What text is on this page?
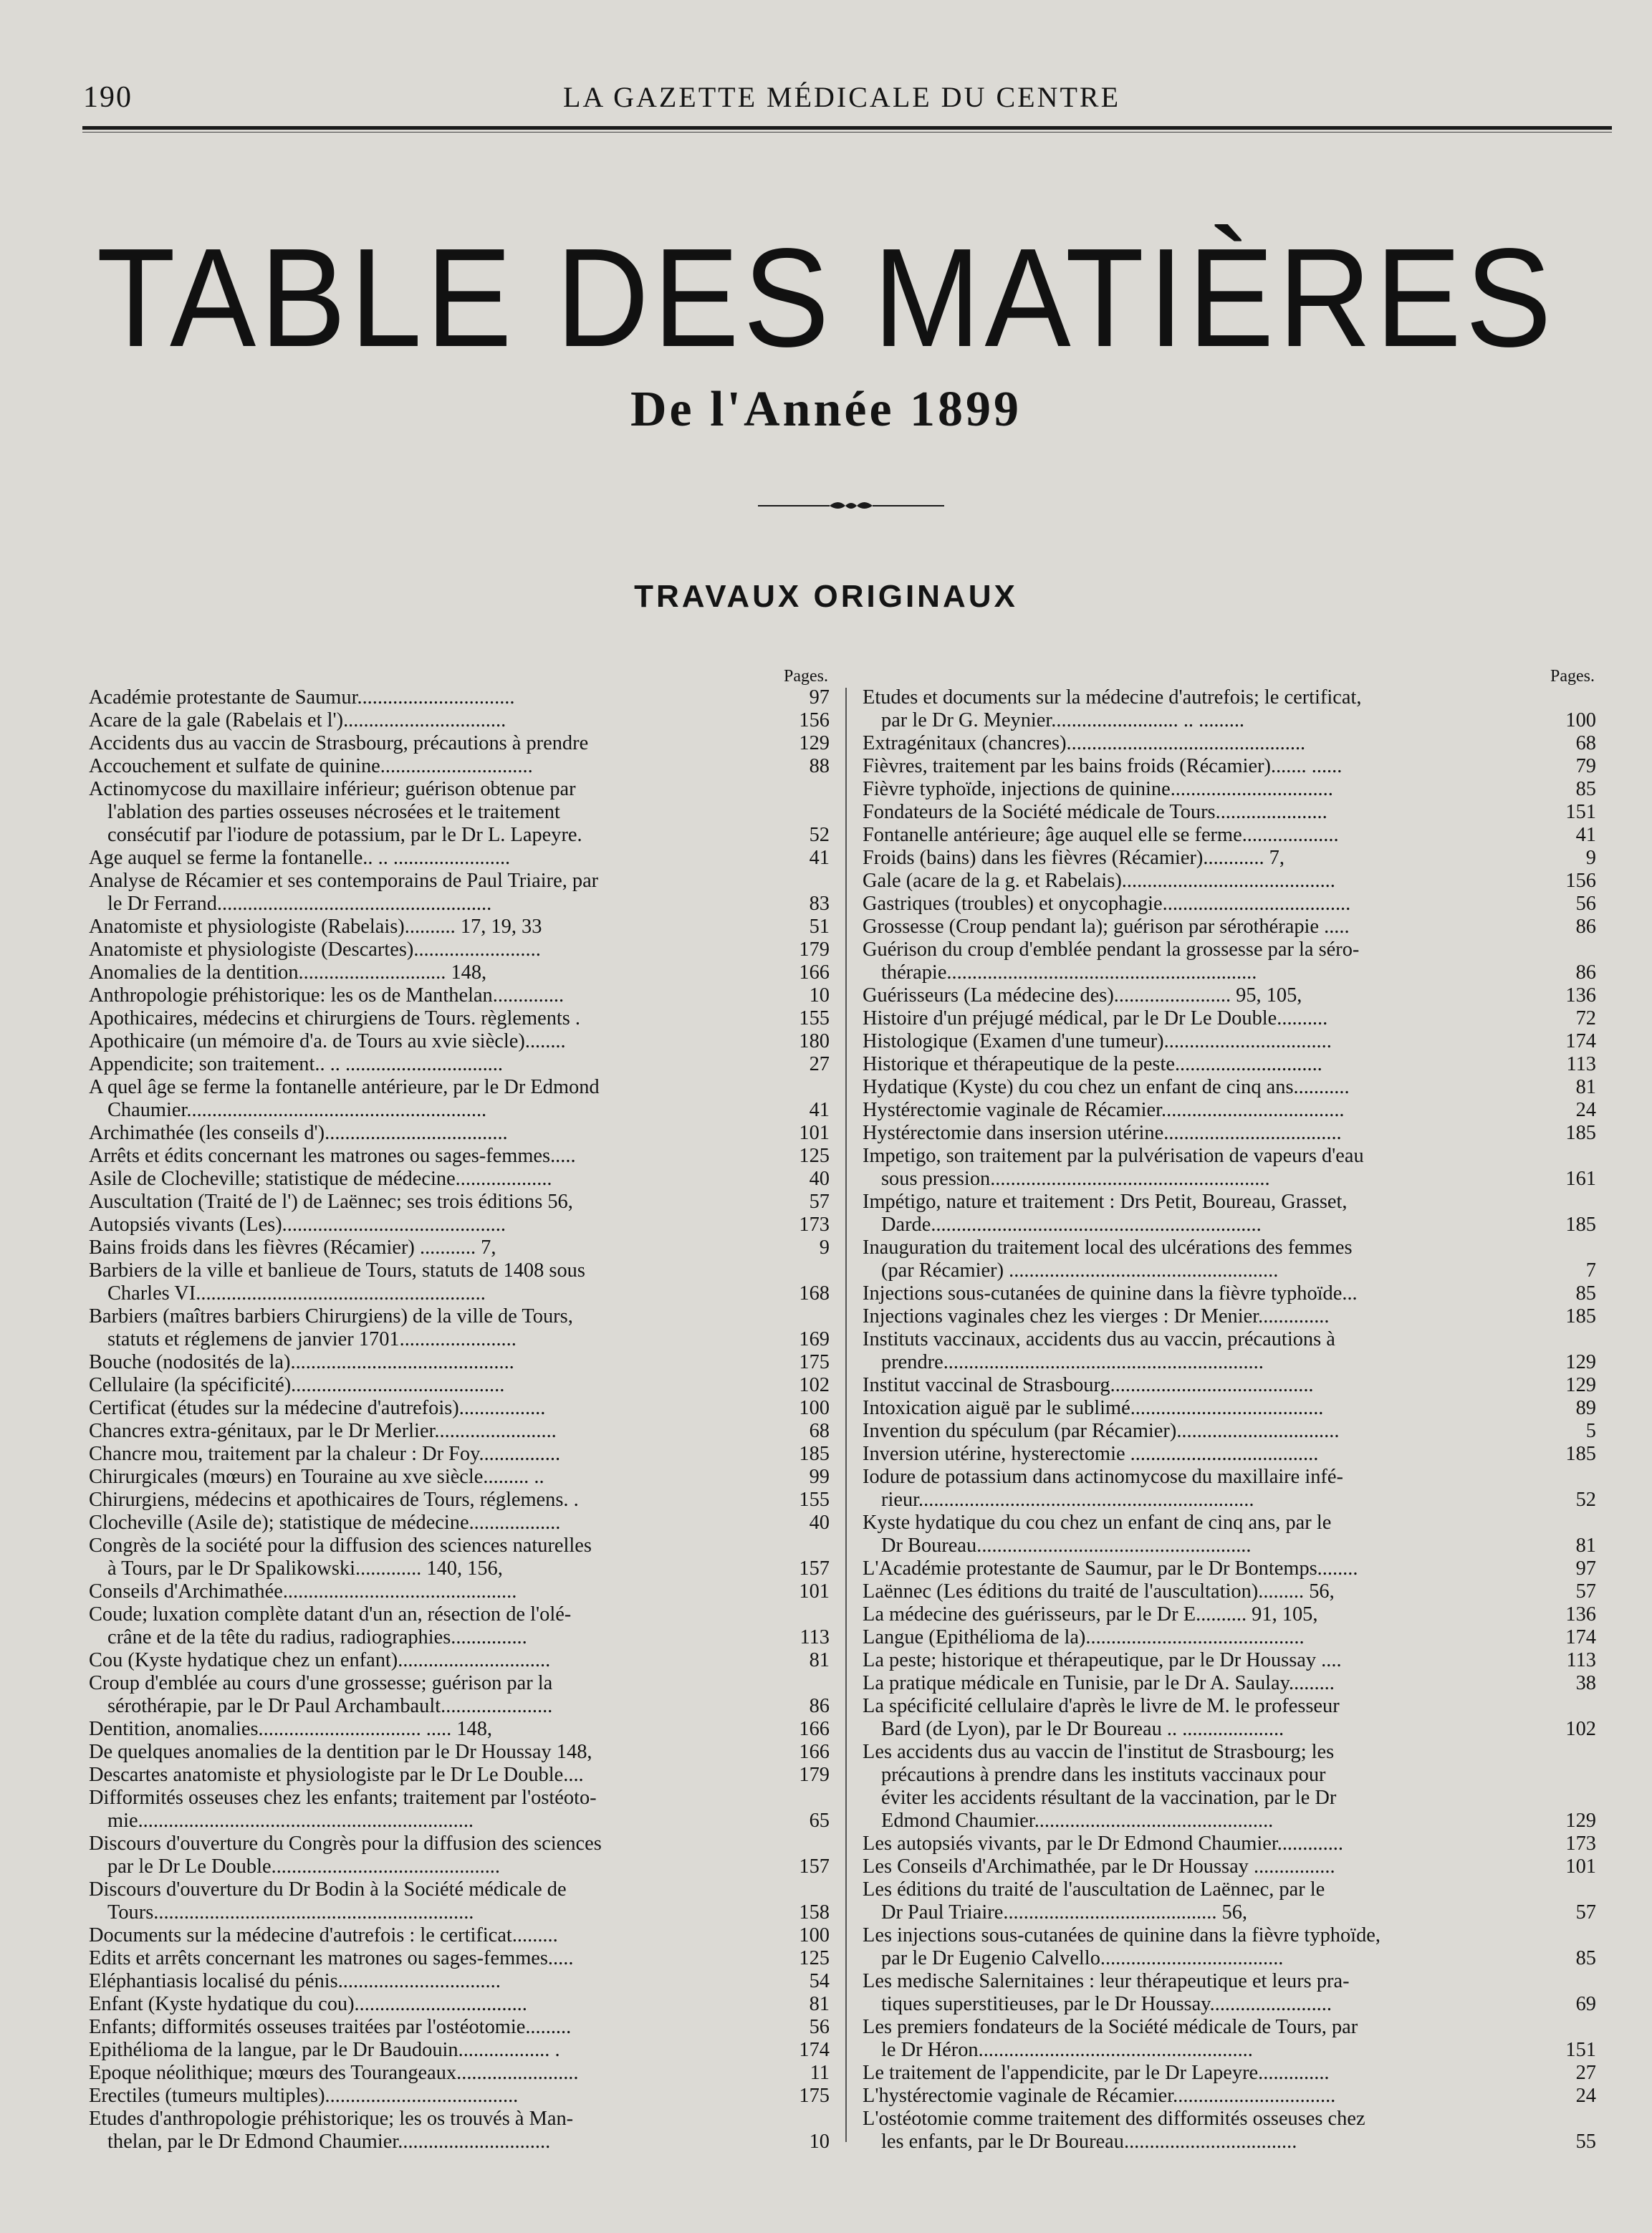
190	LA GAZETTE MÉDICALE DU CENTRE
TABLE DES MATIÈRES
De l'Année 1899
TRAVAUX ORIGINAUX
Pages.
Académie protestante de Saumur...............................	97
Acare de la gale (Rabelais et l')................................	156
Accidents dus au vaccin de Strasbourg, précautions à prendre	129
Accouchement et sulfate de quinine..............................	88
Actinomycose du maxillaire inférieur; guérison obtenue par
l'ablation des parties osseuses nécrosées et le traitement
consécutif par l'iodure de potassium, par le Dr L. Lapeyre.	52
Age auquel se ferme la fontanelle.. .. .......................	41
Analyse de Récamier et ses contemporains de Paul Triaire, par
le Dr Ferrand......................................................	83
Anatomiste et physiologiste (Rabelais).......... 17, 19, 33	51
Anatomiste et physiologiste (Descartes).........................	179
Anomalies de la dentition............................. 148,	166
Anthropologie préhistorique: les os de Manthelan..............	10
Apothicaires, médecins et chirurgiens de Tours. règlements .	155
Apothicaire (un mémoire d'a. de Tours au xvie siècle)........	180
Appendicite; son traitement.. .. ...............................	27
A quel âge se ferme la fontanelle antérieure, par le Dr Edmond
Chaumier...........................................................	41
Archimathée (les conseils d')....................................	101
Arrêts et édits concernant les matrones ou sages-femmes.....	125
Asile de Clocheville; statistique de médecine...................	40
Auscultation (Traité de l') de Laënnec; ses trois éditions 56,	57
Autopsiés vivants (Les)............................................	173
Bains froids dans les fièvres (Récamier) ........... 7,	9
Barbiers de la ville et banlieue de Tours, statuts de 1408 sous
Charles VI.........................................................	168
Barbiers (maîtres barbiers Chirurgiens) de la ville de Tours,
statuts et réglemens de janvier 1701.......................	169
Bouche (nodosités de la)............................................	175
Cellulaire (la spécificité)..........................................	102
Certificat (études sur la médecine d'autrefois).................	100
Chancres extra-génitaux, par le Dr Merlier........................	68
Chancre mou, traitement par la chaleur : Dr Foy................	185
Chirurgicales (mœurs) en Touraine au xve siècle......... ..	99
Chirurgiens, médecins et apothicaires de Tours, réglemens. .	155
Clocheville (Asile de); statistique de médecine..................	40
Congrès de la société pour la diffusion des sciences naturelles
à Tours, par le Dr Spalikowski............. 140, 156,	157
Conseils d'Archimathée..............................................	101
Coude; luxation complète datant d'un an, résection de l'olé-
crâne et de la tête du radius, radiographies...............	113
Cou (Kyste hydatique chez un enfant)..............................	81
Croup d'emblée au cours d'une grossesse; guérison par la
sérothérapie, par le Dr Paul Archambault......................	86
Dentition, anomalies................................ ..... 148,	166
De quelques anomalies de la dentition par le Dr Houssay 148,	166
Descartes anatomiste et physiologiste par le Dr Le Double....	179
Difformités osseuses chez les enfants; traitement par l'ostéoto-
mie..................................................................	65
Discours d'ouverture du Congrès pour la diffusion des sciences
par le Dr Le Double.............................................	157
Discours d'ouverture du Dr Bodin à la Société médicale de
Tours...............................................................	158
Documents sur la médecine d'autrefois : le certificat.........	100
Edits et arrêts concernant les matrones ou sages-femmes.....	125
Eléphantiasis localisé du pénis................................	54
Enfant (Kyste hydatique du cou)..................................	81
Enfants; difformités osseuses traitées par l'ostéotomie.........	56
Epithélioma de la langue, par le Dr Baudouin.................. .	174
Epoque néolithique; mœurs des Tourangeaux........................	11
Erectiles (tumeurs multiples)......................................	175
Etudes d'anthropologie préhistorique; les os trouvés à Man-
thelan, par le Dr Edmond Chaumier..............................	10
Pages.
Etudes et documents sur la médecine d'autrefois; le certificat,
par le Dr G. Meynier......................... .. .........	100
Extragénitaux (chancres)...............................................	68
Fièvres, traitement par les bains froids (Récamier)....... ......	79
Fièvre typhoïde, injections de quinine................................	85
Fondateurs de la Société médicale de Tours......................	151
Fontanelle antérieure; âge auquel elle se ferme...................	41
Froids (bains) dans les fièvres (Récamier)............ 7,	9
Gale (acare de la g. et Rabelais)..........................................	156
Gastriques (troubles) et onycophagie.....................................	56
Grossesse (Croup pendant la); guérison par sérothérapie .....	86
Guérison du croup d'emblée pendant la grossesse par la séro-
thérapie.............................................................	86
Guérisseurs (La médecine des)....................... 95, 105,	136
Histoire d'un préjugé médical, par le Dr Le Double..........	72
Histologique (Examen d'une tumeur).................................	174
Historique et thérapeutique de la peste.............................	113
Hydatique (Kyste) du cou chez un enfant de cinq ans...........	81
Hystérectomie vaginale de Récamier....................................	24
Hystérectomie dans insersion utérine...................................	185
Impetigo, son traitement par la pulvérisation de vapeurs d'eau
sous pression.......................................................	161
Impétigo, nature et traitement : Drs Petit, Boureau, Grasset,
Darde.................................................................	185
Inauguration du traitement local des ulcérations des femmes
(par Récamier) .....................................................	7
Injections sous-cutanées de quinine dans la fièvre typhoïde...	85
Injections vaginales chez les vierges : Dr Menier..............	185
Instituts vaccinaux, accidents dus au vaccin, précautions à
prendre...............................................................	129
Institut vaccinal de Strasbourg........................................	129
Intoxication aiguë par le sublimé......................................	89
Invention du spéculum (par Récamier)................................	5
Inversion utérine, hysterectomie .....................................	185
Iodure de potassium dans actinomycose du maxillaire infé-
rieur..................................................................	52
Kyste hydatique du cou chez un enfant de cinq ans, par le
Dr Boureau......................................................	81
L'Académie protestante de Saumur, par le Dr Bontemps........	97
Laënnec (Les éditions du traité de l'auscultation)......... 56,	57
La médecine des guérisseurs, par le Dr E.......... 91, 105,	136
Langue (Epithélioma de la)...........................................	174
La peste; historique et thérapeutique, par le Dr Houssay ....	113
La pratique médicale en Tunisie, par le Dr A. Saulay.........	38
La spécificité cellulaire d'après le livre de M. le professeur
Bard (de Lyon), par le Dr Boureau .. ....................	102
Les accidents dus au vaccin de l'institut de Strasbourg; les
précautions à prendre dans les instituts vaccinaux pour
éviter les accidents résultant de la vaccination, par le Dr
Edmond Chaumier...............................................	129
Les autopsiés vivants, par le Dr Edmond Chaumier.............	173
Les Conseils d'Archimathée, par le Dr Houssay ................	101
Les éditions du traité de l'auscultation de Laënnec, par le
Dr Paul Triaire.......................................... 56,	57
Les injections sous-cutanées de quinine dans la fièvre typhoïde,
par le Dr Eugenio Calvello....................................	85
Les medische Salernitaines : leur thérapeutique et leurs pra-
tiques superstitieuses, par le Dr Houssay........................	69
Les premiers fondateurs de la Société médicale de Tours, par
le Dr Héron......................................................	151
Le traitement de l'appendicite, par le Dr Lapeyre..............	27
L'hystérectomie vaginale de Récamier................................	24
L'ostéotomie comme traitement des difformités osseuses chez
les enfants, par le Dr Boureau..................................	55
